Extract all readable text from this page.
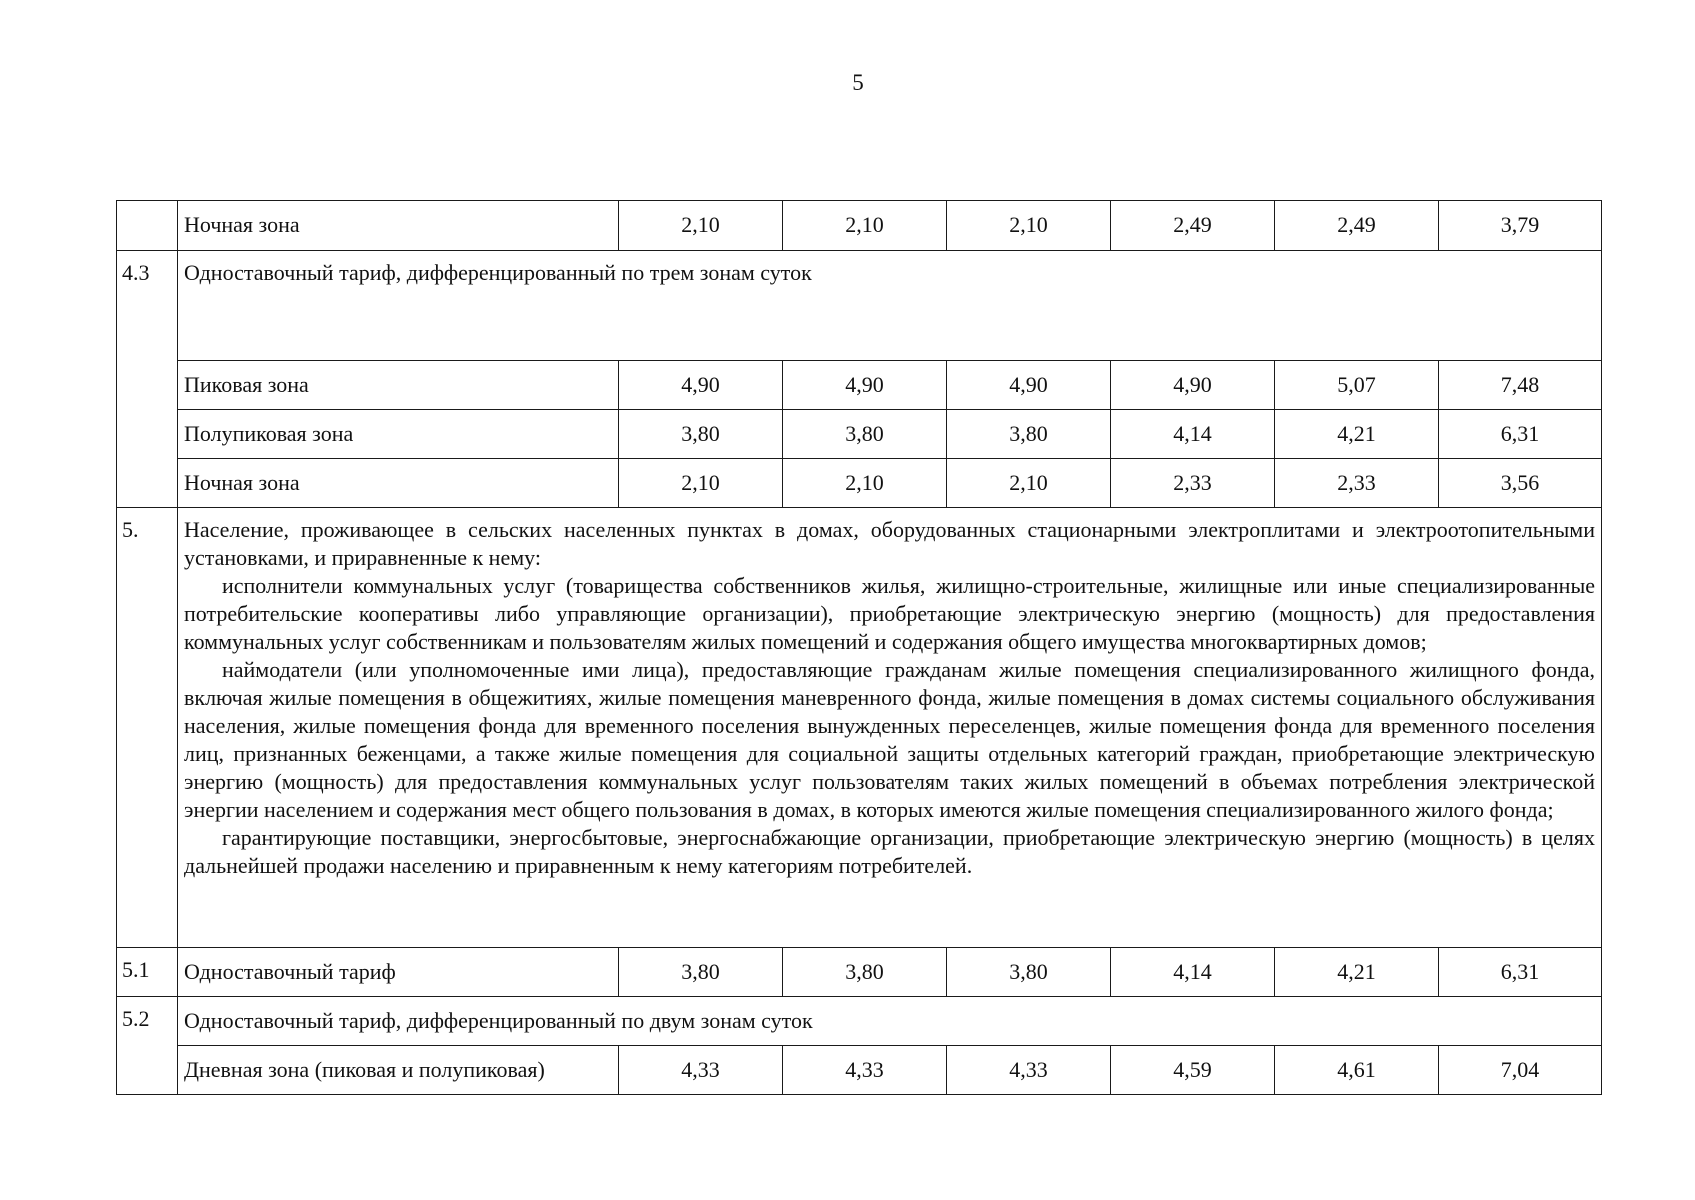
5
	Ночная зона	2,10	2,10	2,10	2,49	2,49	3,79
4.3	Одноставочный тариф, дифференцированный по трем зонам суток						
	Пиковая зона	4,90	4,90	4,90	4,90	5,07	7,48
	Полупиковая зона	3,80	3,80	3,80	4,14	4,21	6,31
	Ночная зона	2,10	2,10	2,10	2,33	2,33	3,56
5.	Население, проживающее в сельских населенных пунктах в домах, оборудованных стационарными электроплитами и электроотопительными установками, и приравненные к нему:

исполнители коммунальных услуг (товарищества собственников жилья, жилищно-строительные, жилищные или иные специализированные потребительские кооперативы либо управляющие организации), приобретающие электрическую энергию (мощность) для предоставления коммунальных услуг собственникам и пользователям жилых помещений и содержания общего имущества многоквартирных домов;

наймодатели (или уполномоченные ими лица), предоставляющие гражданам жилые помещения специализированного жилищного фонда, включая жилые помещения в общежитиях, жилые помещения маневренного фонда, жилые помещения в домах системы социального обслуживания населения, жилые помещения фонда для временного поселения вынужденных переселенцев, жилые помещения фонда для временного поселения лиц, признанных беженцами, а также жилые помещения для социальной защиты отдельных категорий граждан, приобретающие электрическую энергию (мощность) для предоставления коммунальных услуг пользователям таких жилых помещений в объемах потребления электрической энергии населением и содержания мест общего пользования в домах, в которых имеются жилые помещения специализированного жилого фонда;

гарантирующие поставщики, энергосбытовые, энергоснабжающие организации, приобретающие электрическую энергию (мощность) в целях дальнейшей продажи населению и приравненным к нему категориям потребителей.						

5.1	Одноставочный тариф	3,80	3,80	3,80	4,14	4,21	6,31
5.2	Одноставочный тариф, дифференцированный по двум зонам суток						
	Дневная зона (пиковая и полупиковая)	4,33	4,33	4,33	4,59	4,61	7,04
